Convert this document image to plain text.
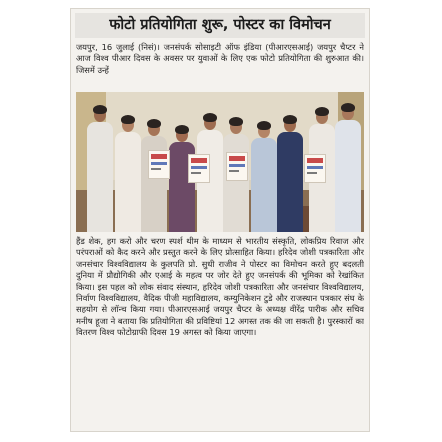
फोटो प्रतियोगिता शुरू, पोस्टर का विमोचन

जयपुर, 16 जुलाई (निसं)। जनसंपर्क सोसाइटी ऑफ इंडिया (पीआरएसआई) जयपुर चैप्टर ने आज विश्व पीआर दिवस के अवसर पर युवाओं के लिए एक फोटो प्रतियोगिता की शुरुआत की। जिसमें उन्हें

हैंड शेक, हग करो और चरण स्पर्श थीम के माध्यम से भारतीय संस्कृति, लोकप्रिय रिवाज और परंपराओं को कैद करने और प्रस्तुत करने के लिए प्रोत्साहित किया। हरिदेव जोशी पत्रकारिता और जनसंचार विश्वविद्यालय के कुलपति प्रो. सुधी राजीव ने पोस्टर का विमोचन करते हुए बदलती दुनिया में प्रौद्योगिकी और एआई के महत्व पर जोर देते हुए जनसंपर्क की भूमिका को रेखांकित किया। इस पहल को लोक संवाद संस्थान, हरिदेव जोशी पत्रकारिता और जनसंचार विश्वविद्यालय, निर्वाण विश्वविद्यालय, वैदिक पीजी महाविद्यालय, कम्युनिकेशन टुडे और राजस्थान पत्रकार संघ के सहयोग से लॉन्च किया गया। पीआरएसआई जयपुर चैप्टर के अध्यक्ष वीरेंद्र पारीक और सचिव मनीष हूजा ने बताया कि प्रतियोगिता की प्रविष्टियां 12 अगस्त तक की जा सकती है। पुरस्कारों का वितरण विश्व फोटोग्राफी दिवस 19 अगस्त को किया जाएगा।
